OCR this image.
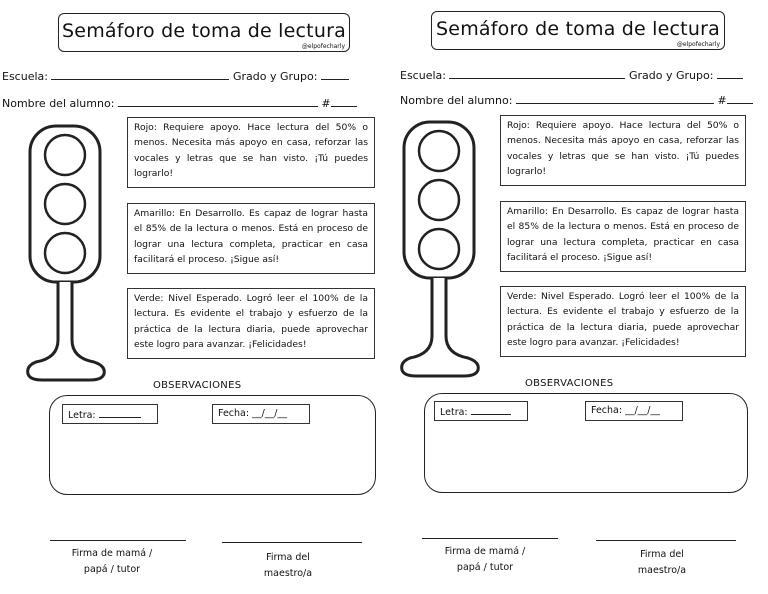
Semáforo de toma de lectura
@elpofecharly
Escuela:	Grado y Grupo:
Nombre del alumno:	#
Rojo: Requiere apoyo. Hace lectura del 50% o menos. Necesita más apoyo en casa, reforzar las vocales y letras que se han visto. ¡Tú puedes lograrlo!
Amarillo: En Desarrollo. Es capaz de lograr hasta el 85% de la lectura o menos. Está en proceso de lograr una lectura completa, practicar en casa facilitará el proceso. ¡Sigue así!
Verde: Nivel Esperado. Logró leer el 100% de la lectura. Es evidente el trabajo y esfuerzo de la práctica de la lectura diaria, puede aprovechar este logro para avanzar. ¡Felicidades!
OBSERVACIONES
Letra:	Fecha: __/__/__
Firma de mamá /
papá / tutor
Firma del
maestro/a
Semáforo de toma de lectura
@elpofecharly
Escuela:	Grado y Grupo:
Nombre del alumno:	#
Rojo: Requiere apoyo. Hace lectura del 50% o menos. Necesita más apoyo en casa, reforzar las vocales y letras que se han visto. ¡Tú puedes lograrlo!
Amarillo: En Desarrollo. Es capaz de lograr hasta el 85% de la lectura o menos. Está en proceso de lograr una lectura completa, practicar en casa facilitará el proceso. ¡Sigue así!
Verde: Nivel Esperado. Logró leer el 100% de la lectura. Es evidente el trabajo y esfuerzo de la práctica de la lectura diaria, puede aprovechar este logro para avanzar. ¡Felicidades!
OBSERVACIONES
Letra:	Fecha: __/__/__
Firma de mamá /
papá / tutor
Firma del
maestro/a
